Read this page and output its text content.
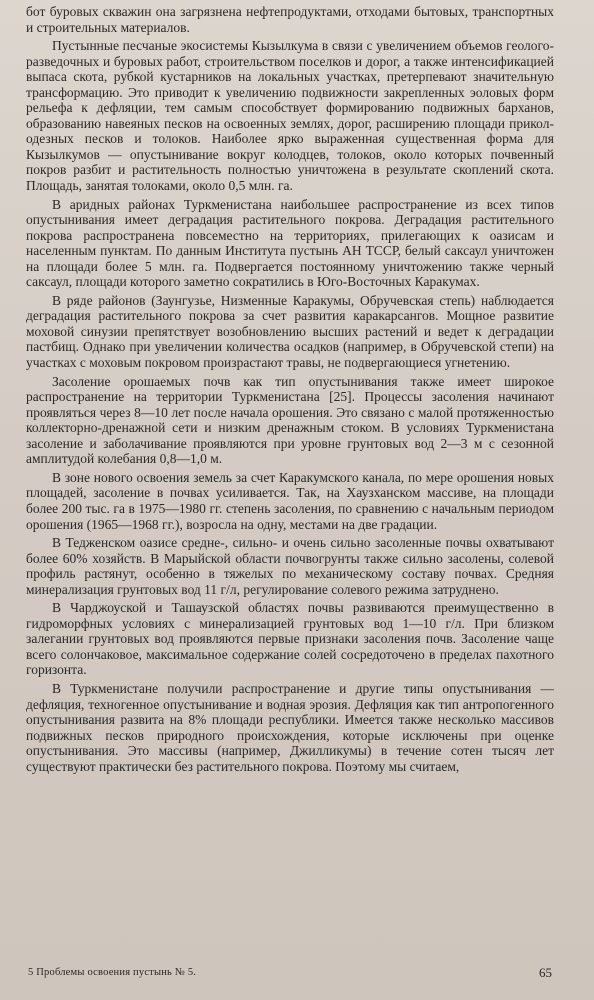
бот буровых скважин она загрязнена нефтепродуктами, отходами бытовых, транспортных и строительных материалов.

Пустынные песчаные экосистемы Кызылкума в связи с увеличением объемов геолого-разведочных и буровых работ, строительством поселков и дорог, а также интенсификацией выпаса скота, рубкой кустарников на локальных участках, претерпевают значительную трансформацию. Это приводит к увеличению подвижности закрепленных эоловых форм рельефа к дефляции, тем самым способствует формированию подвижных барханов, образованию навеяных песков на освоенных землях, дорог, расширению площади приколодезных песков и толоков. Наиболее ярко выраженная существенная форма для Кызылкумов — опустынивание вокруг колодцев, толоков, около которых почвенный покров разбит и растительность полностью уничтожена в результате скоплений скота. Площадь, занятая толоками, около 0,5 млн. га.

В аридных районах Туркменистана наибольшее распространение из всех типов опустынивания имеет деградация растительного покрова. Деградация растительного покрова распространена повсеместно на территориях, прилегающих к оазисам и населенным пунктам. По данным Института пустынь АН ТССР, белый саксаул уничтожен на площади более 5 млн. га. Подвергается постоянному уничтожению также черный саксаул, площади которого заметно сократились в Юго-Восточных Каракумах.

В ряде районов (Заунгузье, Низменные Каракумы, Обручевская степь) наблюдается деградация растительного покрова за счет развития каракарсангов. Мощное развитие моховой синузии препятствует возобновлению высших растений и ведет к деградации пастбищ. Однако при увеличении количества осадков (например, в Обручевской степи) на участках с моховым покровом произрастают травы, не подвергающиеся угнетению.

Засоление орошаемых почв как тип опустынивания также имеет широкое распространение на территории Туркменистана [25]. Процессы засоления начинают проявляться через 8—10 лет после начала орошения. Это связано с малой протяженностью коллекторно-дренажной сети и низким дренажным стоком. В условиях Туркменистана засоление и заболачивание проявляются при уровне грунтовых вод 2—3 м с сезонной амплитудой колебания 0,8—1,0 м.

В зоне нового освоения земель за счет Каракумского канала, по мере орошения новых площадей, засоление в почвах усиливается. Так, на Хаузханском массиве, на площади более 200 тыс. га в 1975—1980 гг. степень засоления, по сравнению с начальным периодом орошения (1965—1968 гг.), возросла на одну, местами на две градации.

В Тедженском оазисе средне-, сильно- и очень сильно засоленные почвы охватывают более 60% хозяйств. В Марыйской области почвогрунты также сильно засолены, солевой профиль растянут, особенно в тяжелых по механическому составу почвах. Средняя минерализация грунтовых вод 11 г/л, регулирование солевого режима затруднено.

В Чарджоуской и Ташаузской областях почвы развиваются преимущественно в гидроморфных условиях с минерализацией грунтовых вод 1—10 г/л. При близком залегании грунтовых вод проявляются первые признаки засоления почв. Засоление чаще всего солончаковое, максимальное содержание солей сосредоточено в пределах пахотного горизонта.

В Туркменистане получили распространение и другие типы опустынивания — дефляция, техногенное опустынивание и водная эрозия. Дефляция как тип антропогенного опустынивания развита на 8% площади республики. Имеется также несколько массивов подвижных песков природного происхождения, которые исключены при оценке опустынивания. Это массивы (например, Джилликумы) в течение сотен тысяч лет существуют практически без растительного покрова. Поэтому мы считаем,

5 Проблемы освоения пустынь № 5.	65
